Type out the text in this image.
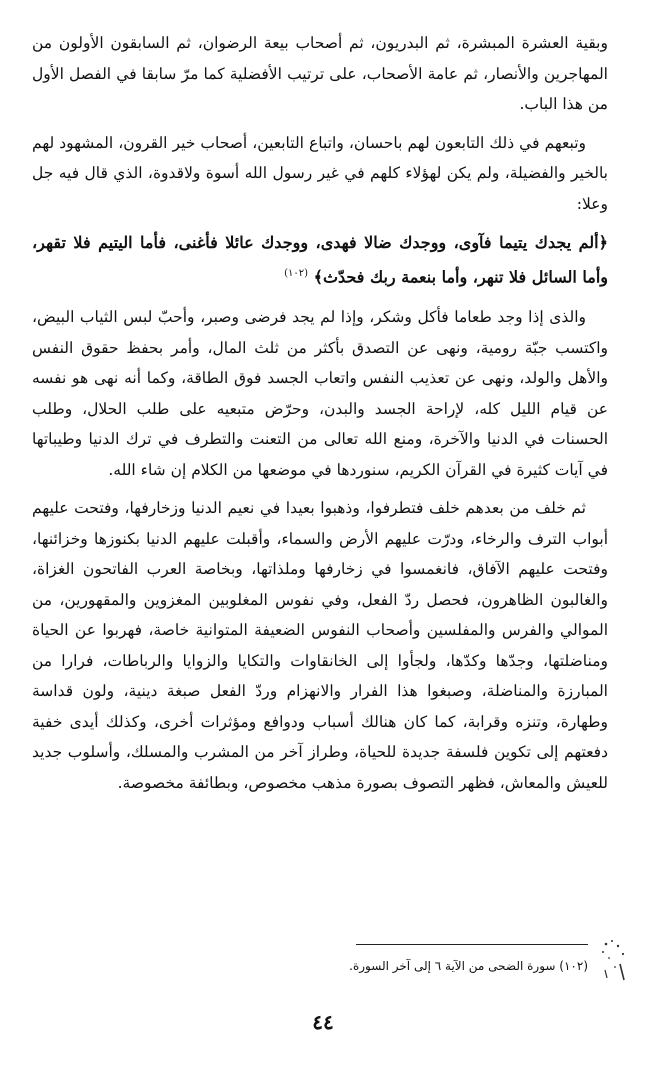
وبقية العشرة المبشرة، ثم البدريون، ثم أصحاب بيعة الرضوان، ثم السابقون الأولون من المهاجرين والأنصار، ثم عامة الأصحاب، على ترتيب الأفضلية كما مرّ سابقا في الفصل الأول من هذا الباب.

وتبعهم في ذلك التابعون لهم باحسان، واتباع التابعين، أصحاب خير القرون، المشهود لهم بالخير والفضيلة، ولم يكن لهؤلاء كلهم في غير رسول الله أسوة ولاقدوة، الذي قال فيه جل وعلا:

﴿ألم يجدك يتيما فآوى، ووجدك ضالا فهدى، ووجدك عائلا فأغنى، فأما اليتيم فلا تقهر، وأما السائل فلا تنهر، وأما بنعمة ربك فحدّث﴾ $^{(١٠٢)}$

والذى إذا وجد طعاما فأكل وشكر، وإذا لم يجد فرضى وصبر، وأحبّ لبس الثياب البيض، واكتسب جبّة رومية، ونهى عن التصدق بأكثر من ثلث المال، وأمر بحفظ حقوق النفس والأهل والولد، ونهى عن تعذيب النفس واتعاب الجسد فوق الطاقة، وكما أنه نهى هو نفسه عن قيام الليل كله، لإراحة الجسد والبدن، وحرّض متبعيه على طلب الحلال، وطلب الحسنات في الدنيا والآخرة، ومنع الله تعالى من التعنت والتطرف في ترك الدنيا وطيباتها في آيات كثيرة في القرآن الكريم، سنوردها في موضعها من الكلام إن شاء الله.

ثم خلف من بعدهم خلف فتطرفوا، وذهبوا بعيدا في نعيم الدنيا وزخارفها، وفتحت عليهم أبواب الترف والرخاء، ودرّت عليهم الأرض والسماء، وأقبلت عليهم الدنيا بكنوزها وخزائنها، وفتحت عليهم الآفاق، فانغمسوا في زخارفها وملذاتها، وبخاصة العرب الفاتحون الغزاة، والغالبون الظاهرون، فحصل ردّ الفعل، وفي نفوس المغلوبين المغزوين والمقهورين، من الموالي والفرس والمفلسين وأصحاب النفوس الضعيفة المتوانية خاصة، فهربوا عن الحياة ومناضلتها، وجدّها وكدّها، ولجأوا إلى الخانقاوات والتكايا والزوايا والرباطات، فرارا من المبارزة والمناضلة، وصبغوا هذا الفرار والانهزام وردّ الفعل صبغة دينية، ولون قداسة وطهارة، وتنزه وقرابة، كما كان هنالك أسباب ودوافع ومؤثرات أخرى، وكذلك أيدى خفية دفعتهم إلى تكوين فلسفة جديدة للحياة، وطراز آخر من المشرب والمسلك، وأسلوب جديد للعيش والمعاش، فظهر التصوف بصورة مذهب مخصوص، وبطائفة مخصوصة.

(١٠٢) سورة الضحى من الآية ٦ إلى آخر السورة.
٤٤
